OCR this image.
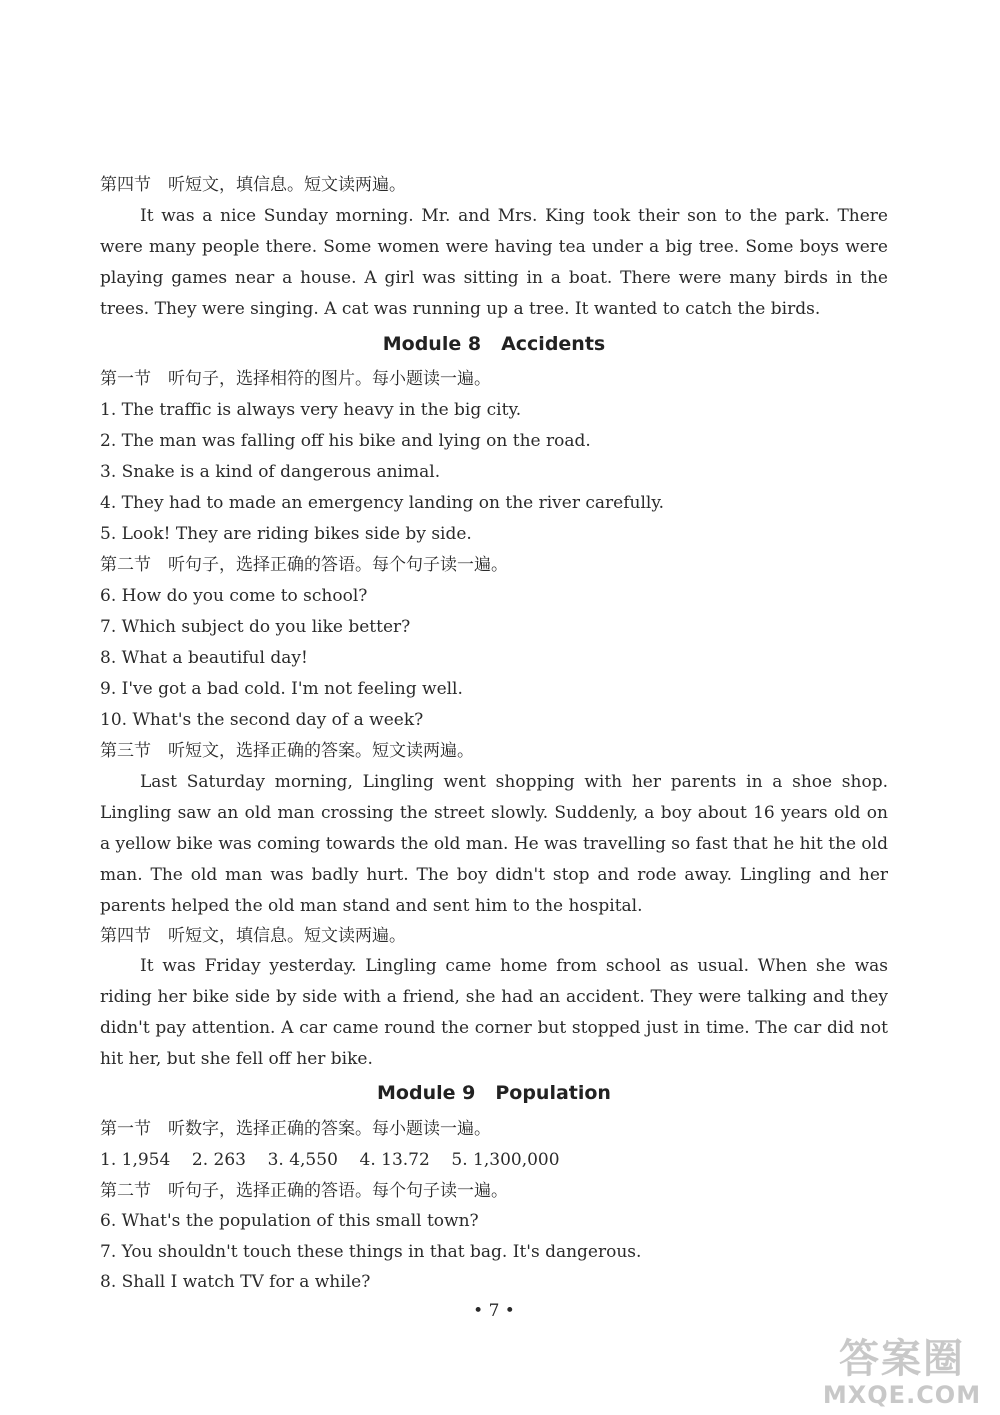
第四节　听短文，填信息。短文读两遍。

It was a nice Sunday morning. Mr. and Mrs. King took their son to the park. There were many people there. Some women were having tea under a big tree. Some boys were playing games near a house. A girl was sitting in a boat. There were many birds in the trees. They were singing. A cat was running up a tree. It wanted to catch the birds.

Module 8 Accidents

第一节　听句子，选择相符的图片。每小题读一遍。

1. The traffic is always very heavy in the big city.

2. The man was falling off his bike and lying on the road.

3. Snake is a kind of dangerous animal.

4. They had to made an emergency landing on the river carefully.

5. Look! They are riding bikes side by side.

第二节　听句子，选择正确的答语。每个句子读一遍。

6. How do you come to school?

7. Which subject do you like better?

8. What a beautiful day!

9. I've got a bad cold. I'm not feeling well.

10. What's the second day of a week?

第三节　听短文，选择正确的答案。短文读两遍。

Last Saturday morning, Lingling went shopping with her parents in a shoe shop. Lingling saw an old man crossing the street slowly. Suddenly, a boy about 16 years old on a yellow bike was coming towards the old man. He was travelling so fast that he hit the old man. The old man was badly hurt. The boy didn't stop and rode away. Lingling and her parents helped the old man stand and sent him to the hospital.

第四节　听短文，填信息。短文读两遍。

It was Friday yesterday. Lingling came home from school as usual. When she was riding her bike side by side with a friend, she had an accident. They were talking and they didn't pay attention. A car came round the corner but stopped just in time. The car did not hit her, but she fell off her bike.

Module 9 Population

第一节　听数字，选择正确的答案。每小题读一遍。

1. 1,954    2. 263    3. 4,550    4. 13.72    5. 1,300,000

第二节　听句子，选择正确的答语。每个句子读一遍。

6. What's the population of this small town?

7. You shouldn't touch these things in that bag. It's dangerous.

8. Shall I watch TV for a while?

• 7 •
答案圈
MXQE.COM
